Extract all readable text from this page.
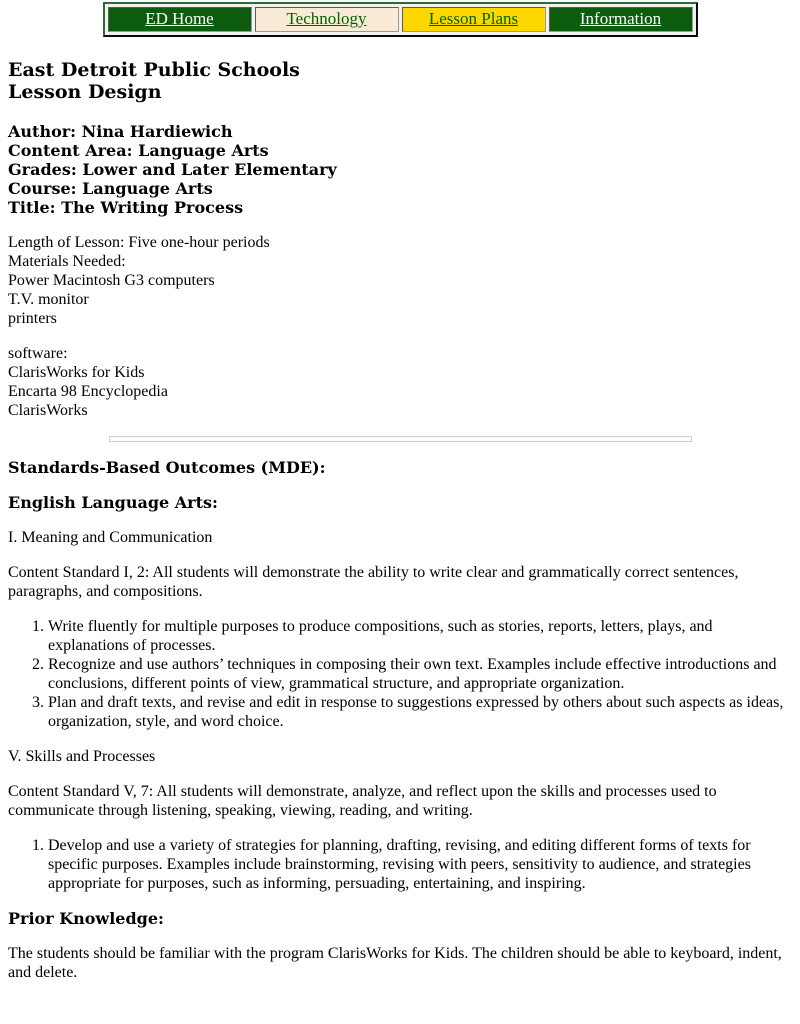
ED Home	Technology	Lesson Plans	Information
East Detroit Public Schools
Lesson Design

Author: Nina Hardiewich
Content Area: Language Arts
Grades: Lower and Later Elementary
Course: Language Arts
Title: The Writing Process

Length of Lesson: Five one-hour periods
Materials Needed:
Power Macintosh G3 computers
T.V. monitor
printers

software:
ClarisWorks for Kids
Encarta 98 Encyclopedia
ClarisWorks

Standards-Based Outcomes (MDE):

English Language Arts:

I. Meaning and Communication

Content Standard I, 2: All students will demonstrate the ability to write clear and grammatically correct sentences, paragraphs, and compositions.

1. Write fluently for multiple purposes to produce compositions, such as stories, reports, letters, plays, and explanations of processes.
2. Recognize and use authors’ techniques in composing their own text. Examples include effective introductions and conclusions, different points of view, grammatical structure, and appropriate organization.
3. Plan and draft texts, and revise and edit in response to suggestions expressed by others about such aspects as ideas, organization, style, and word choice.

V. Skills and Processes

Content Standard V, 7: All students will demonstrate, analyze, and reflect upon the skills and processes used to communicate through listening, speaking, viewing, reading, and writing.

1. Develop and use a variety of strategies for planning, drafting, revising, and editing different forms of texts for specific purposes. Examples include brainstorming, revising with peers, sensitivity to audience, and strategies appropriate for purposes, such as informing, persuading, entertaining, and inspiring.

Prior Knowledge:

The students should be familiar with the program ClarisWorks for Kids. The children should be able to keyboard, indent, and delete.
